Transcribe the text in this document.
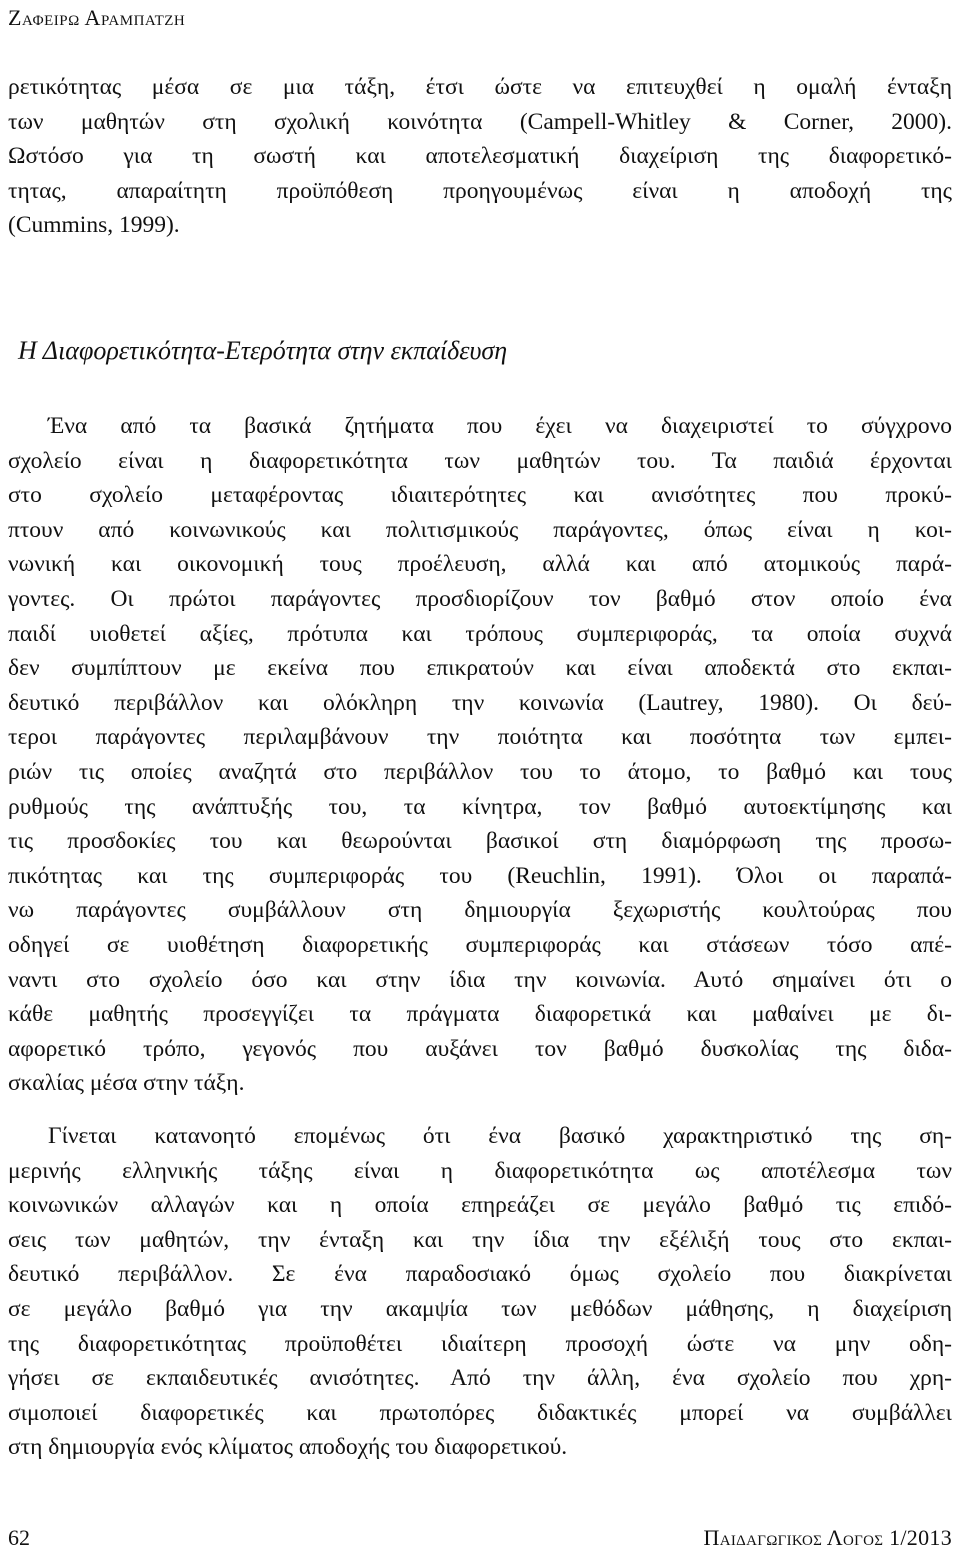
Ζαφειρω Αραμπατζη
ρετικότητας μέσα σε μια τάξη, έτσι ώστε να επιτευχθεί η ομαλή ένταξη
των μαθητών στη σχολική κοινότητα (Campell-Whitley & Corner, 2000).
Ωστόσο για τη σωστή και αποτελεσματική διαχείριση της διαφορετικό-
τητας, απαραίτητη προϋπόθεση προηγουμένως είναι η αποδοχή της
(Cummins, 1999).
Η Διαφορετικότητα-Ετερότητα στην εκπαίδευση
Ένα από τα βασικά ζητήματα που έχει να διαχειριστεί το σύγχρονο
σχολείο είναι η διαφορετικότητα των μαθητών του. Τα παιδιά έρχονται
στο σχολείο μεταφέροντας ιδιαιτερότητες και ανισότητες που προκύ-
πτουν από κοινωνικούς και πολιτισμικούς παράγοντες, όπως είναι η κοι-
νωνική και οικονομική τους προέλευση, αλλά και από ατομικούς παρά-
γοντες. Οι πρώτοι παράγοντες προσδιορίζουν τον βαθμό στον οποίο ένα
παιδί υιοθετεί αξίες, πρότυπα και τρόπους συμπεριφοράς, τα οποία συχνά
δεν συμπίπτουν με εκείνα που επικρατούν και είναι αποδεκτά στο εκπαι-
δευτικό περιβάλλον και ολόκληρη την κοινωνία (Lautrey, 1980). Οι δεύ-
τεροι παράγοντες περιλαμβάνουν την ποιότητα και ποσότητα των εμπει-
ριών τις οποίες αναζητά στο περιβάλλον του το άτομο, το βαθμό και τους
ρυθμούς της ανάπτυξής του, τα κίνητρα, τον βαθμό αυτοεκτίμησης και
τις προσδοκίες του και θεωρούνται βασικοί στη διαμόρφωση της προσω-
πικότητας και της συμπεριφοράς του (Reuchlin, 1991). Όλοι οι παραπά-
νω παράγοντες συμβάλλουν στη δημιουργία ξεχωριστής κουλτούρας που
οδηγεί σε υιοθέτηση διαφορετικής συμπεριφοράς και στάσεων τόσο απέ-
ναντι στο σχολείο όσο και στην ίδια την κοινωνία. Αυτό σημαίνει ότι ο
κάθε μαθητής προσεγγίζει τα πράγματα διαφορετικά και μαθαίνει με δι-
αφορετικό τρόπο, γεγονός που αυξάνει τον βαθμό δυσκολίας της διδα-
σκαλίας μέσα στην τάξη.
Γίνεται κατανοητό επομένως ότι ένα βασικό χαρακτηριστικό της ση-
μερινής ελληνικής τάξης είναι η διαφορετικότητα ως αποτέλεσμα των
κοινωνικών αλλαγών και η οποία επηρεάζει σε μεγάλο βαθμό τις επιδό-
σεις των μαθητών, την ένταξη και την ίδια την εξέλιξή τους στο εκπαι-
δευτικό περιβάλλον. Σε ένα παραδοσιακό όμως σχολείο που διακρίνεται
σε μεγάλο βαθμό για την ακαμψία των μεθόδων μάθησης, η διαχείριση
της διαφορετικότητας προϋποθέτει ιδιαίτερη προσοχή ώστε να μην οδη-
γήσει σε εκπαιδευτικές ανισότητες. Από την άλλη, ένα σχολείο που χρη-
σιμοποιεί διαφορετικές και πρωτοπόρες διδακτικές μπορεί να συμβάλλει
στη δημιουργία ενός κλίματος αποδοχής του διαφορετικού.
62	Παιδαγωγικος Λογος 1/2013
